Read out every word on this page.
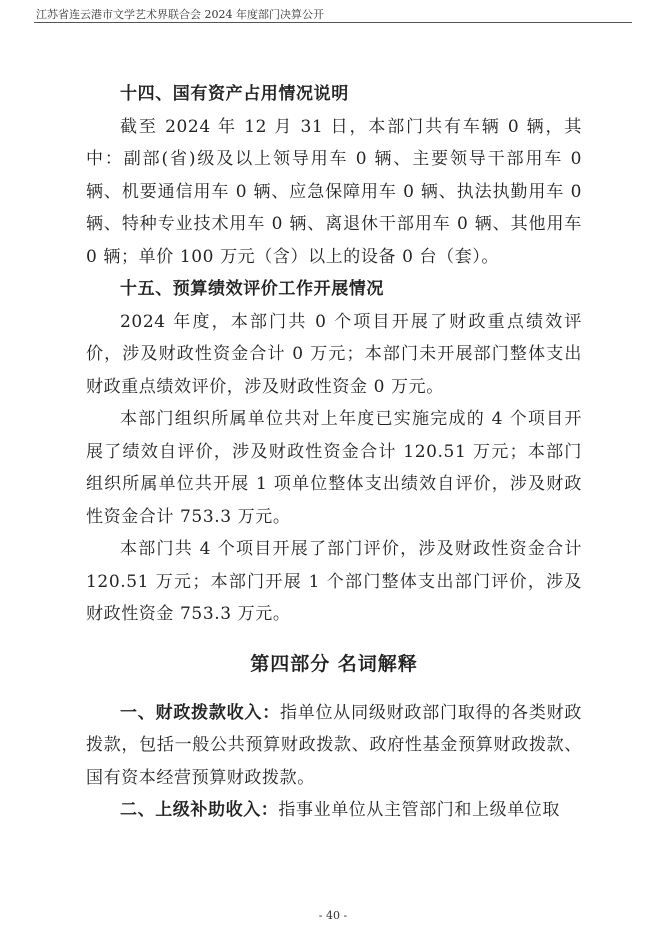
江苏省连云港市文学艺术界联合会 2024 年度部门决算公开

十四、国有资产占用情况说明

截至 2024 年 12 月 31 日，本部门共有车辆 0 辆，其中：副部(省)级及以上领导用车 0 辆、主要领导干部用车 0 辆、机要通信用车 0 辆、应急保障用车 0 辆、执法执勤用车 0 辆、特种专业技术用车 0 辆、离退休干部用车 0 辆、其他用车 0 辆；单价 100 万元（含）以上的设备 0 台（套）。

十五、预算绩效评价工作开展情况

2024 年度，本部门共 0 个项目开展了财政重点绩效评价，涉及财政性资金合计 0 万元；本部门未开展部门整体支出财政重点绩效评价，涉及财政性资金 0 万元。

本部门组织所属单位共对上年度已实施完成的 4 个项目开展了绩效自评价，涉及财政性资金合计 120.51 万元；本部门组织所属单位共开展 1 项单位整体支出绩效自评价，涉及财政性资金合计 753.3 万元。

本部门共 4 个项目开展了部门评价，涉及财政性资金合计 120.51 万元；本部门开展 1 个部门整体支出部门评价，涉及财政性资金 753.3 万元。

第四部分 名词解释

一、财政拨款收入：指单位从同级财政部门取得的各类财政拨款，包括一般公共预算财政拨款、政府性基金预算财政拨款、国有资本经营预算财政拨款。

二、上级补助收入：指事业单位从主管部门和上级单位取

- 40 -
